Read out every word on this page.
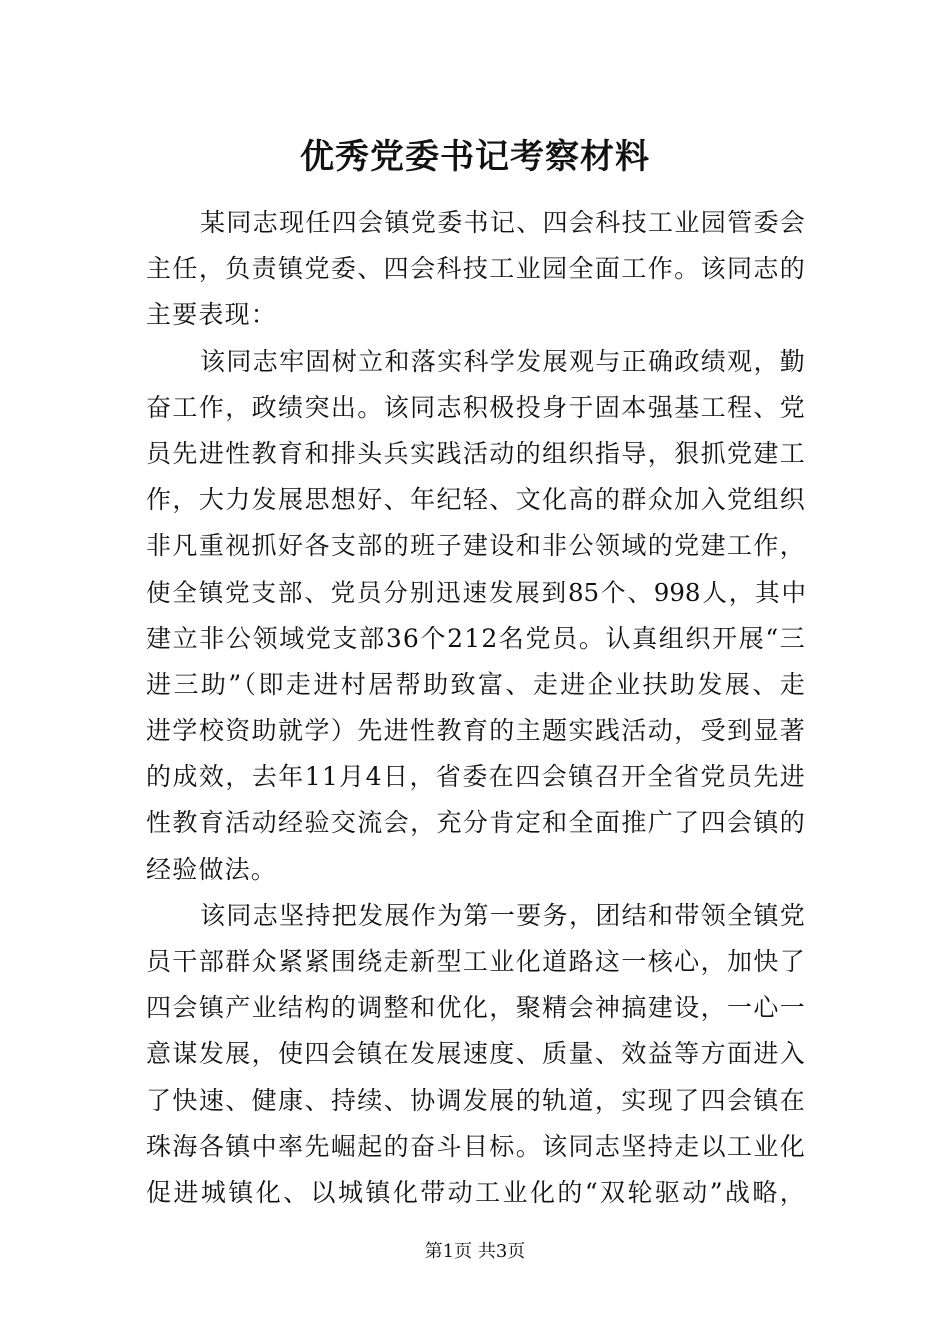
优秀党委书记考察材料
某同志现任四会镇党委书记、四会科技工业园管委会
主任，负责镇党委、四会科技工业园全面工作。该同志的
主要表现：
该同志牢固树立和落实科学发展观与正确政绩观，勤
奋工作，政绩突出。该同志积极投身于固本强基工程、党
员先进性教育和排头兵实践活动的组织指导，狠抓党建工
作，大力发展思想好、年纪轻、文化高的群众加入党组织
非凡重视抓好各支部的班子建设和非公领域的党建工作，
使全镇党支部、党员分别迅速发展到85个、998人，其中
建立非公领域党支部36个212名党员。认真组织开展“三
进三助”（即走进村居帮助致富、走进企业扶助发展、走
进学校资助就学）先进性教育的主题实践活动，受到显著
的成效，去年11月4日，省委在四会镇召开全省党员先进
性教育活动经验交流会，充分肯定和全面推广了四会镇的
经验做法。
该同志坚持把发展作为第一要务，团结和带领全镇党
员干部群众紧紧围绕走新型工业化道路这一核心，加快了
四会镇产业结构的调整和优化，聚精会神搞建设，一心一
意谋发展，使四会镇在发展速度、质量、效益等方面进入
了快速、健康、持续、协调发展的轨道，实现了四会镇在
珠海各镇中率先崛起的奋斗目标。该同志坚持走以工业化
促进城镇化、以城镇化带动工业化的“双轮驱动”战略，
第1页 共3页
